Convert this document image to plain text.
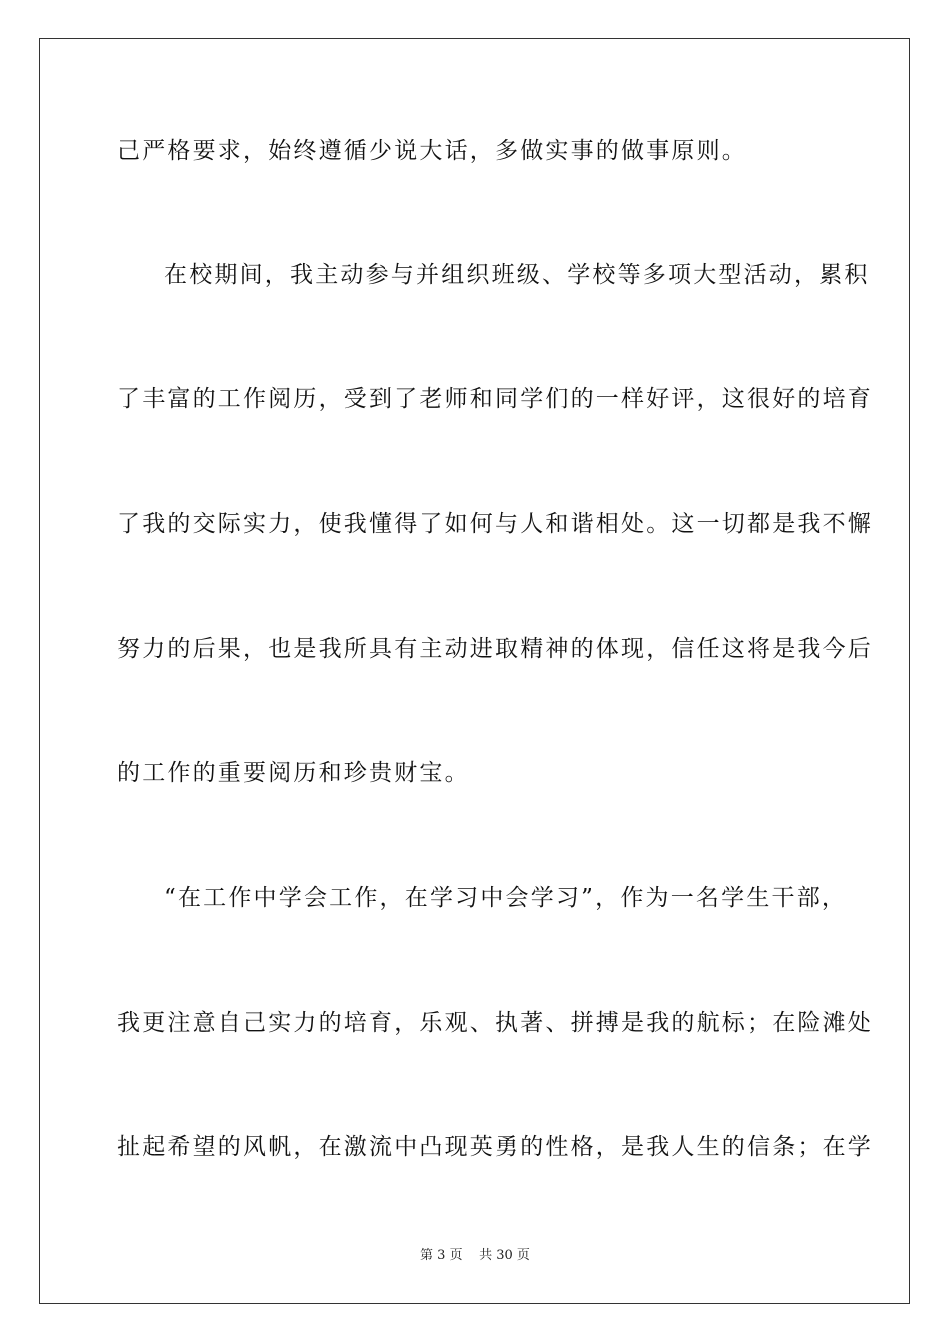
己严格要求，始终遵循少说大话，多做实事的做事原则。
在校期间，我主动参与并组织班级、学校等多项大型活动，累积
了丰富的工作阅历，受到了老师和同学们的一样好评，这很好的培育
了我的交际实力，使我懂得了如何与人和谐相处。这一切都是我不懈
努力的后果，也是我所具有主动进取精神的体现，信任这将是我今后
的工作的重要阅历和珍贵财宝。
“在工作中学会工作，在学习中会学习”，作为一名学生干部，
我更注意自己实力的培育，乐观、执著、拼搏是我的航标；在险滩处
扯起希望的风帆，在激流中凸现英勇的性格，是我人生的信条；在学
第 3 页 共 30 页
